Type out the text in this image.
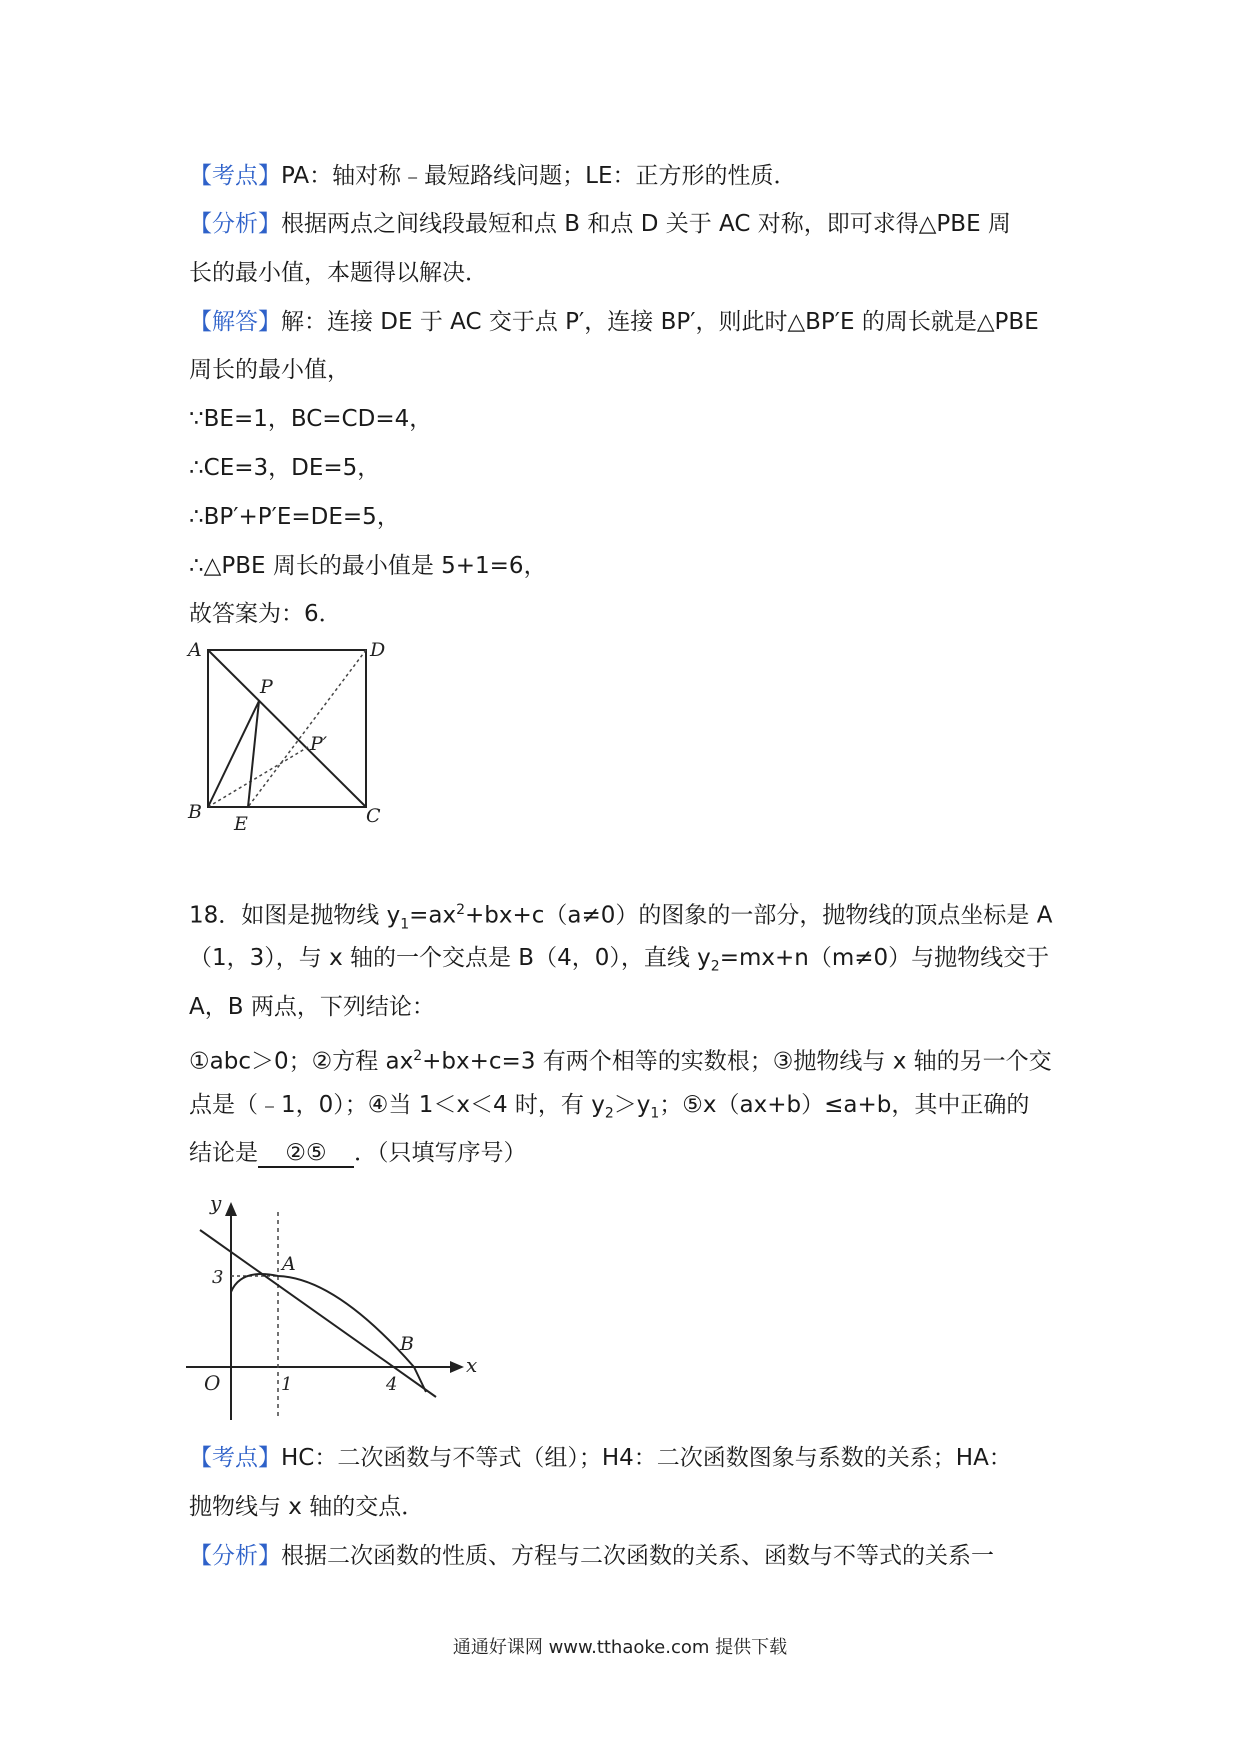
【考点】PA：轴对称﹣最短路线问题；LE：正方形的性质．
【分析】根据两点之间线段最短和点 B 和点 D 关于 AC 对称，即可求得△PBE 周
长的最小值，本题得以解决．
【解答】解：连接 DE 于 AC 交于点 P′，连接 BP′，则此时△BP′E 的周长就是△PBE
周长的最小值，
∵BE=1，BC=CD=4，
∴CE=3，DE=5，
∴BP′+P′E=DE=5，
∴△PBE 周长的最小值是 5+1=6，
故答案为：6．
A	D
P
P′
B
E	C
18．如图是抛物线 $y_1=ax^2+bx+c(a\ne 0)$的图象的一部分，抛物线的顶点坐标是 A
（1，3），与 x 轴的一个交点是 B（4，0），直线 $y_2=mx+n(m\ne 0)$与抛物线交于
A，B 两点，下列结论：
①abc＞0；②方程 $ax^2+bx+c=3$ 有两个相等的实数根；③抛物线与 x 轴的另一个交
点是（﹣1，0）；④当 1＜x＜4 时，有 $y_2>y_1$；⑤x（ax+b）≤a+b，其中正确的
结论是 ②⑤ ．（只填写序号）
y
x
O	1	4
3
A
B
【考点】HC：二次函数与不等式（组）；H4：二次函数图象与系数的关系；HA：
抛物线与 x 轴的交点．
【分析】根据二次函数的性质、方程与二次函数的关系、函数与不等式的关系一
通通好课网 www.tthaoke.com 提供下载
